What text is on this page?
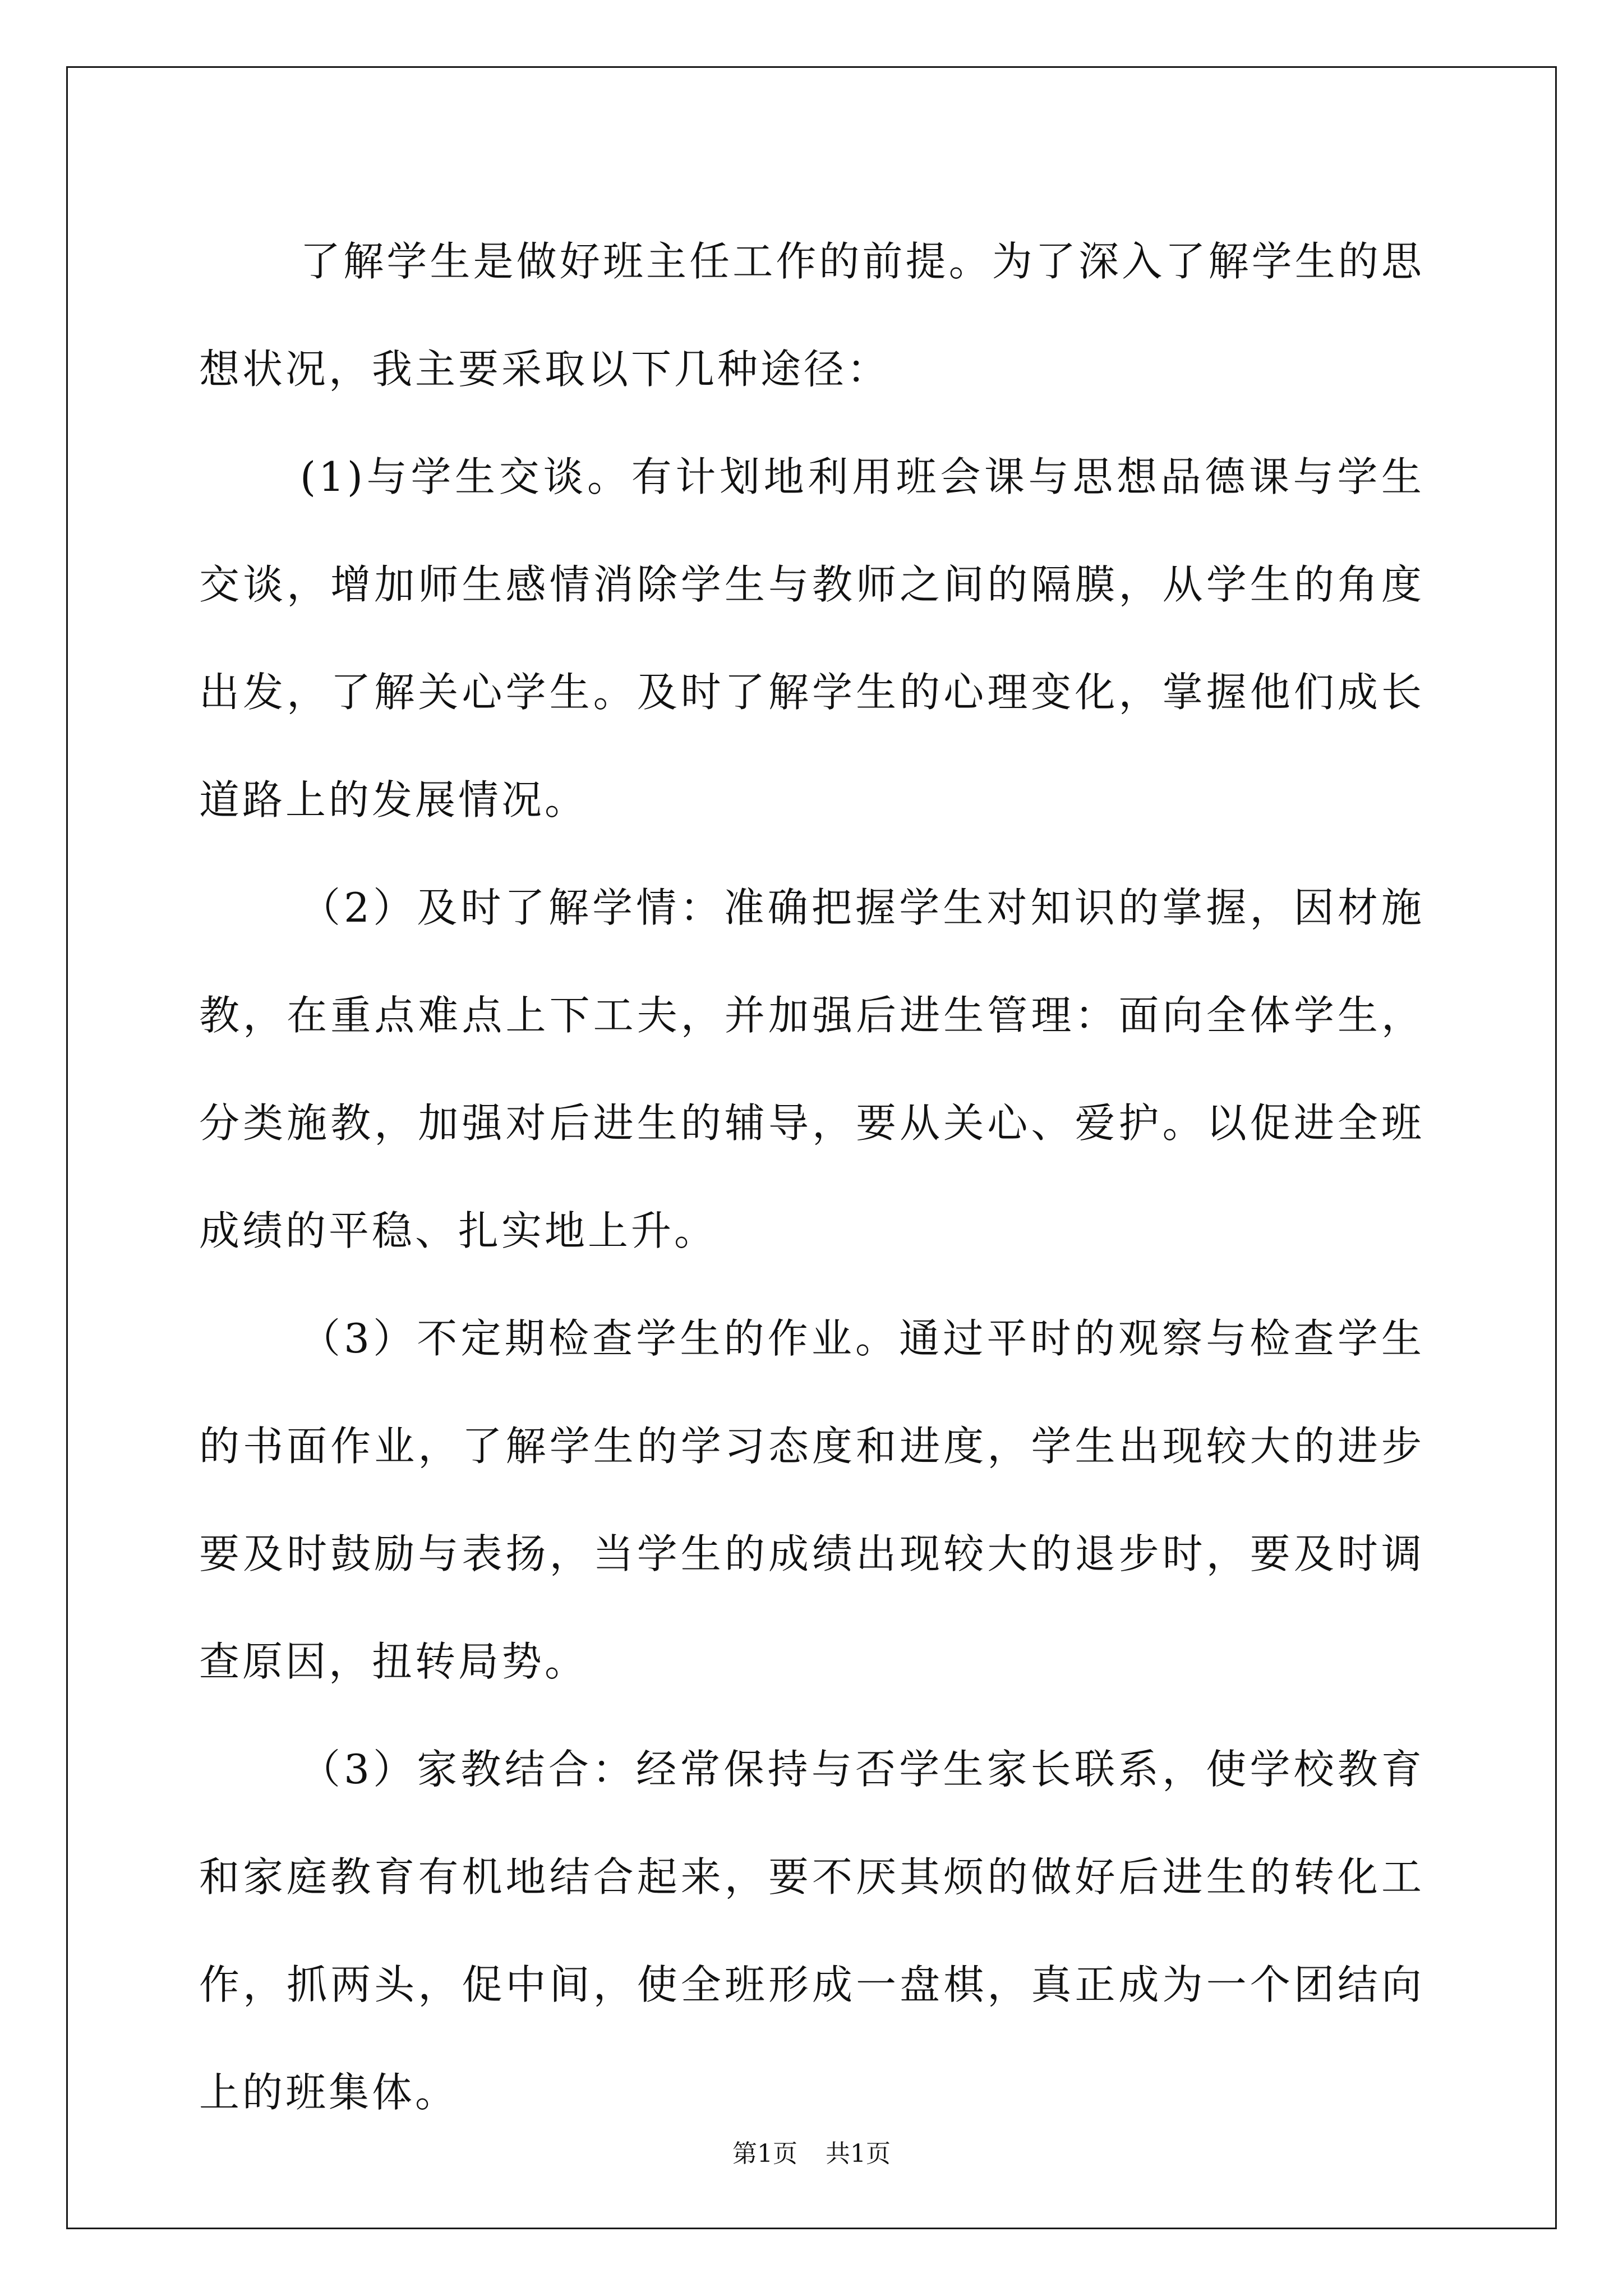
了解学生是做好班主任工作的前提。为了深入了解学生的思想状况，我主要采取以下几种途径：

(1)与学生交谈。有计划地利用班会课与思想品德课与学生交谈，增加师生感情消除学生与教师之间的隔膜，从学生的角度出发，了解关心学生。及时了解学生的心理变化，掌握他们成长道路上的发展情况。

（2）及时了解学情：准确把握学生对知识的掌握，因材施教，在重点难点上下工夫，并加强后进生管理：面向全体学生，分类施教，加强对后进生的辅导，要从关心、爱护。以促进全班成绩的平稳、扎实地上升。

（3）不定期检查学生的作业。通过平时的观察与检查学生的书面作业，了解学生的学习态度和进度，学生出现较大的进步要及时鼓励与表扬，当学生的成绩出现较大的退步时，要及时调查原因，扭转局势。

（3）家教结合：经常保持与否学生家长联系，使学校教育和家庭教育有机地结合起来，要不厌其烦的做好后进生的转化工作，抓两头，促中间，使全班形成一盘棋，真正成为一个团结向上的班集体。

第1页 共1页
